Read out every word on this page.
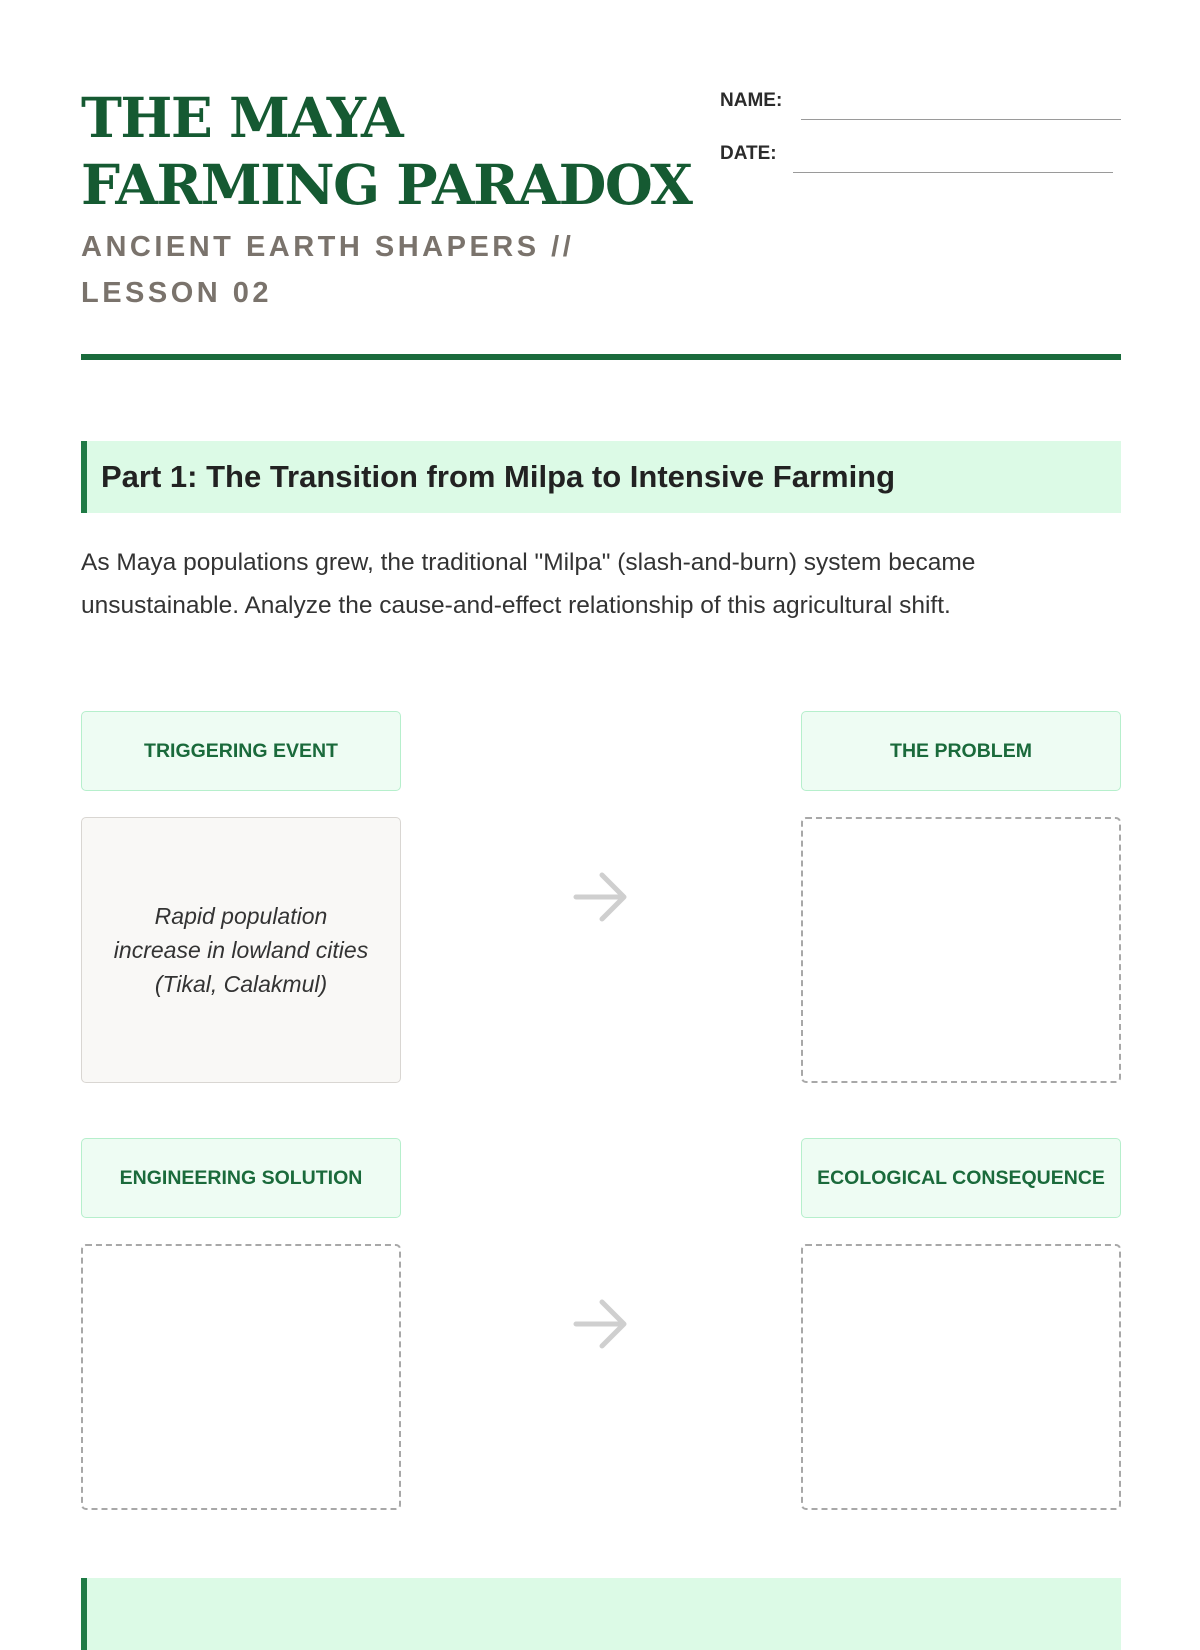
THE MAYA FARMING PARADOX
ANCIENT EARTH SHAPERS // LESSON 02
NAME:
DATE:
Part 1: The Transition from Milpa to Intensive Farming

As Maya populations grew, the traditional "Milpa" (slash-and-burn) system became unsustainable. Analyze the cause-and-effect relationship of this agricultural shift.

TRIGGERING EVENT	THE PROBLEM
Rapid population increase in lowland cities (Tikal, Calakmul)
ENGINEERING SOLUTION	ECOLOGICAL CONSEQUENCE
